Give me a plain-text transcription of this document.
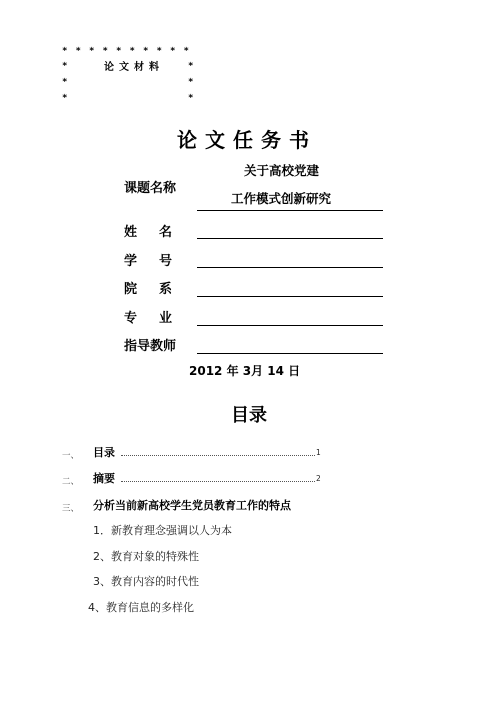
⁎ ⁎ ⁎ ⁎ ⁎ ⁎ ⁎ ⁎ ⁎ ⁎
⁎	论文材料	⁎
⁎	⁎
⁎	⁎
论文任务书
课题名称
关于高校党建
工作模式创新研究
姓名
学号
院系
专业
指导教师
2012 年 3月 14 日
目录
一、 目录	1
二、 摘要	2
三、 分析当前新高校学生党员教育工作的特点
1．新教育理念强调以人为本
2、教育对象的特殊性
3、教育内容的时代性
4、教育信息的多样化
